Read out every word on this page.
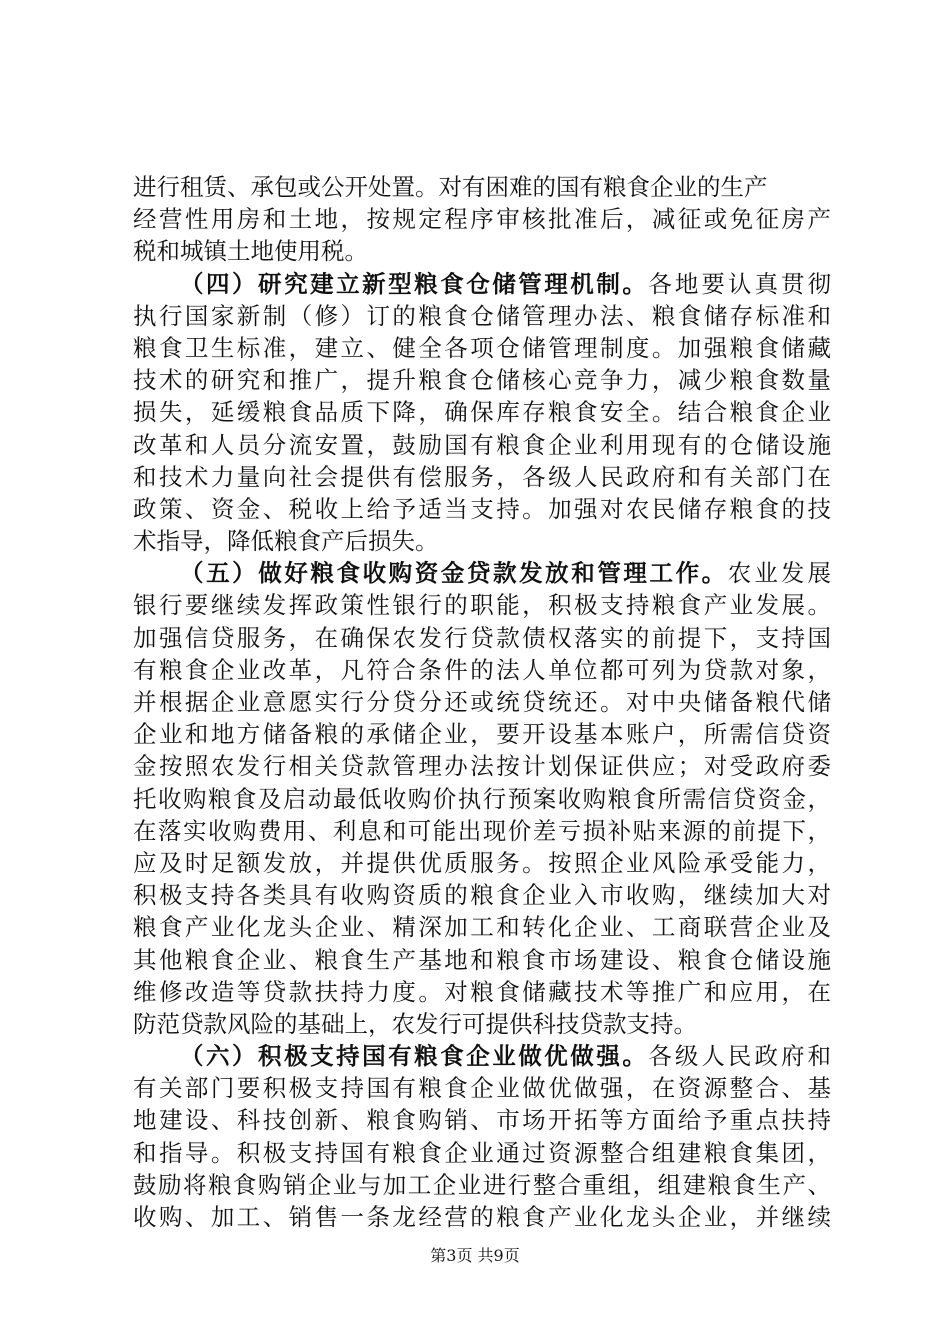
进行租赁、承包或公开处置。对有困难的国有粮食企业的生产
经营性用房和土地，按规定程序审核批准后，减征或免征房产
税和城镇土地使用税。
（四）研究建立新型粮食仓储管理机制。各地要认真贯彻
执行国家新制（修）订的粮食仓储管理办法、粮食储存标准和
粮食卫生标准，建立、健全各项仓储管理制度。加强粮食储藏
技术的研究和推广，提升粮食仓储核心竞争力，减少粮食数量
损失，延缓粮食品质下降，确保库存粮食安全。结合粮食企业
改革和人员分流安置，鼓励国有粮食企业利用现有的仓储设施
和技术力量向社会提供有偿服务，各级人民政府和有关部门在
政策、资金、税收上给予适当支持。加强对农民储存粮食的技
术指导，降低粮食产后损失。
（五）做好粮食收购资金贷款发放和管理工作。农业发展
银行要继续发挥政策性银行的职能，积极支持粮食产业发展。
加强信贷服务，在确保农发行贷款债权落实的前提下，支持国
有粮食企业改革，凡符合条件的法人单位都可列为贷款对象，
并根据企业意愿实行分贷分还或统贷统还。对中央储备粮代储
企业和地方储备粮的承储企业，要开设基本账户，所需信贷资
金按照农发行相关贷款管理办法按计划保证供应；对受政府委
托收购粮食及启动最低收购价执行预案收购粮食所需信贷资金，
在落实收购费用、利息和可能出现价差亏损补贴来源的前提下，
应及时足额发放，并提供优质服务。按照企业风险承受能力，
积极支持各类具有收购资质的粮食企业入市收购，继续加大对
粮食产业化龙头企业、精深加工和转化企业、工商联营企业及
其他粮食企业、粮食生产基地和粮食市场建设、粮食仓储设施
维修改造等贷款扶持力度。对粮食储藏技术等推广和应用，在
防范贷款风险的基础上，农发行可提供科技贷款支持。
（六）积极支持国有粮食企业做优做强。各级人民政府和
有关部门要积极支持国有粮食企业做优做强，在资源整合、基
地建设、科技创新、粮食购销、市场开拓等方面给予重点扶持
和指导。积极支持国有粮食企业通过资源整合组建粮食集团，
鼓励将粮食购销企业与加工企业进行整合重组，组建粮食生产、
收购、加工、销售一条龙经营的粮食产业化龙头企业，并继续
第3页 共9页
